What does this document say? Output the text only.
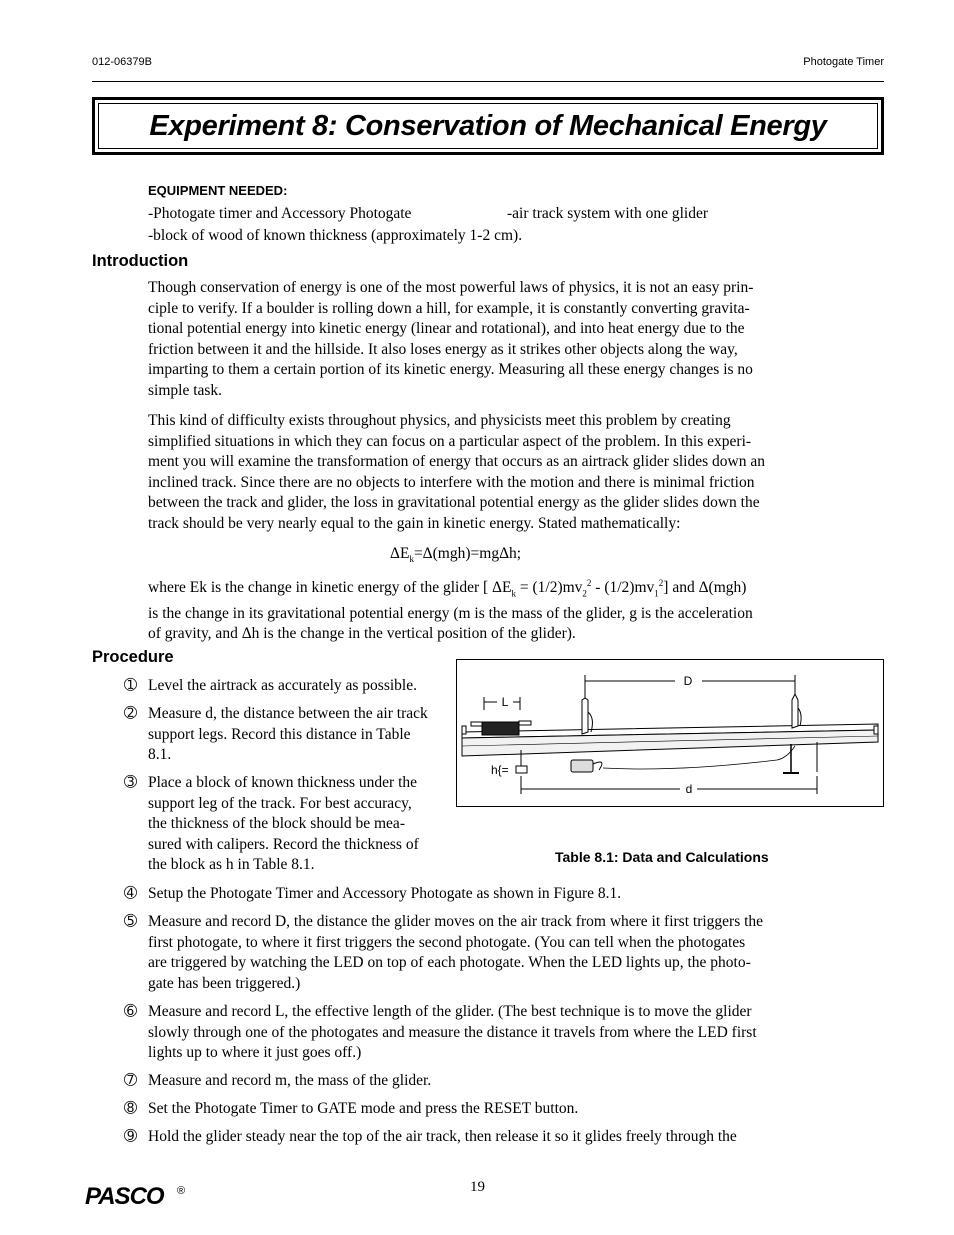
012-06379B	Photogate Timer
Experiment 8: Conservation of Mechanical Energy
EQUIPMENT NEEDED:
-Photogate timer and Accessory Photogate	-air track system with one glider
-block of wood of known thickness (approximately 1-2 cm).
Introduction
Though conservation of energy is one of the most powerful laws of physics, it is not an easy prin-
ciple to verify. If a boulder is rolling down a hill, for example, it is constantly converting gravita-
tional potential energy into kinetic energy (linear and rotational), and into heat energy due to the
friction between it and the hillside. It also loses energy as it strikes other objects along the way,
imparting to them a certain portion of its kinetic energy. Measuring all these energy changes is no
simple task.
This kind of difficulty exists throughout physics, and physicists meet this problem by creating
simplified situations in which they can focus on a particular aspect of the problem. In this experi-
ment you will examine the transformation of energy that occurs as an airtrack glider slides down an
inclined track. Since there are no objects to interfere with the motion and there is minimal friction
between the track and glider, the loss in gravitational potential energy as the glider slides down the
track should be very nearly equal to the gain in kinetic energy. Stated mathematically:
$\Delta E_k=\Delta(mgh)=mg\Delta h$;
where Ek is the change in kinetic energy of the glider [ $\Delta E_k = (1/2)mv_2^2 - (1/2)mv_1^2$] and Δ(mgh)
is the change in its gravitational potential energy (m is the mass of the glider, g is the acceleration
of gravity, and Δh is the change in the vertical position of the glider).
Procedure
➀ Level the airtrack as accurately as possible.
➁ Measure d, the distance between the air track
support legs. Record this distance in Table
8.1.
➂ Place a block of known thickness under the
support leg of the track. For best accuracy,
the thickness of the block should be mea-
sured with calipers. Record the thickness of
the block as h in Table 8.1.
➃ Setup the Photogate Timer and Accessory Photogate as shown in Figure 8.1.
➄ Measure and record D, the distance the glider moves on the air track from where it first triggers the
first photogate, to where it first triggers the second photogate. (You can tell when the photogates
are triggered by watching the LED on top of each photogate. When the LED lights up, the photo-
gate has been triggered.)
➅ Measure and record L, the effective length of the glider. (The best technique is to move the glider
slowly through one of the photogates and measure the distance it travels from where the LED first
lights up to where it just goes off.)
➆ Measure and record m, the mass of the glider.
➇ Set the Photogate Timer to GATE mode and press the RESET button.
➈ Hold the glider steady near the top of the air track, then release it so it glides freely through the
D
L
h{=
d
Table 8.1: Data and Calculations
PASCO ®	19
